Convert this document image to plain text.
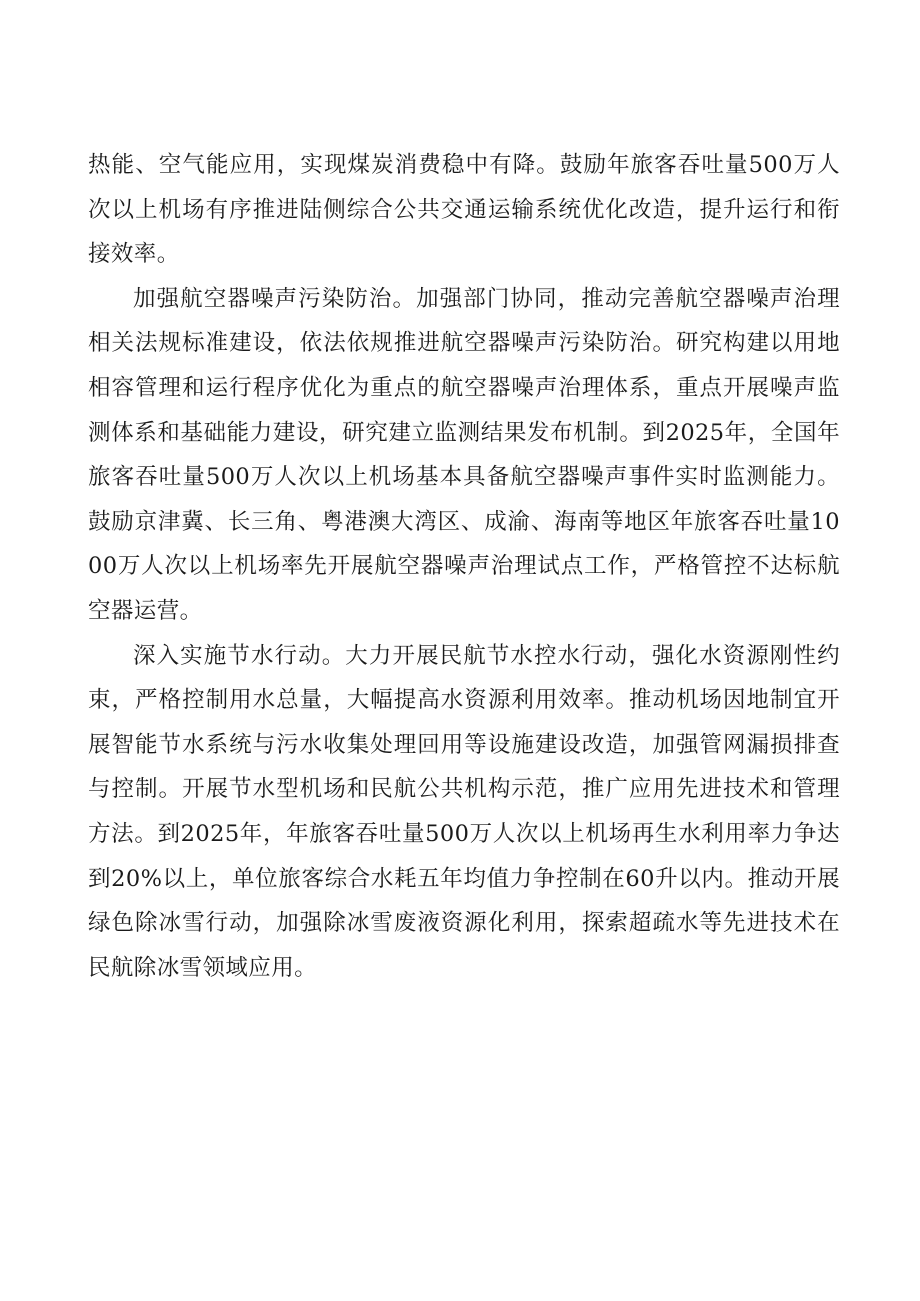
热能、空气能应用，实现煤炭消费稳中有降。鼓励年旅客吞吐量500万人次以上机场有序推进陆侧综合公共交通运输系统优化改造，提升运行和衔接效率。

加强航空器噪声污染防治。加强部门协同，推动完善航空器噪声治理相关法规标准建设，依法依规推进航空器噪声污染防治。研究构建以用地相容管理和运行程序优化为重点的航空器噪声治理体系，重点开展噪声监测体系和基础能力建设，研究建立监测结果发布机制。到2025年，全国年旅客吞吐量500万人次以上机场基本具备航空器噪声事件实时监测能力。鼓励京津冀、长三角、粤港澳大湾区、成渝、海南等地区年旅客吞吐量1000万人次以上机场率先开展航空器噪声治理试点工作，严格管控不达标航空器运营。

深入实施节水行动。大力开展民航节水控水行动，强化水资源刚性约束，严格控制用水总量，大幅提高水资源利用效率。推动机场因地制宜开展智能节水系统与污水收集处理回用等设施建设改造，加强管网漏损排查与控制。开展节水型机场和民航公共机构示范，推广应用先进技术和管理方法。到2025年，年旅客吞吐量500万人次以上机场再生水利用率力争达到20%以上，单位旅客综合水耗五年均值力争控制在60升以内。推动开展绿色除冰雪行动，加强除冰雪废液资源化利用，探索超疏水等先进技术在民航除冰雪领域应用。
